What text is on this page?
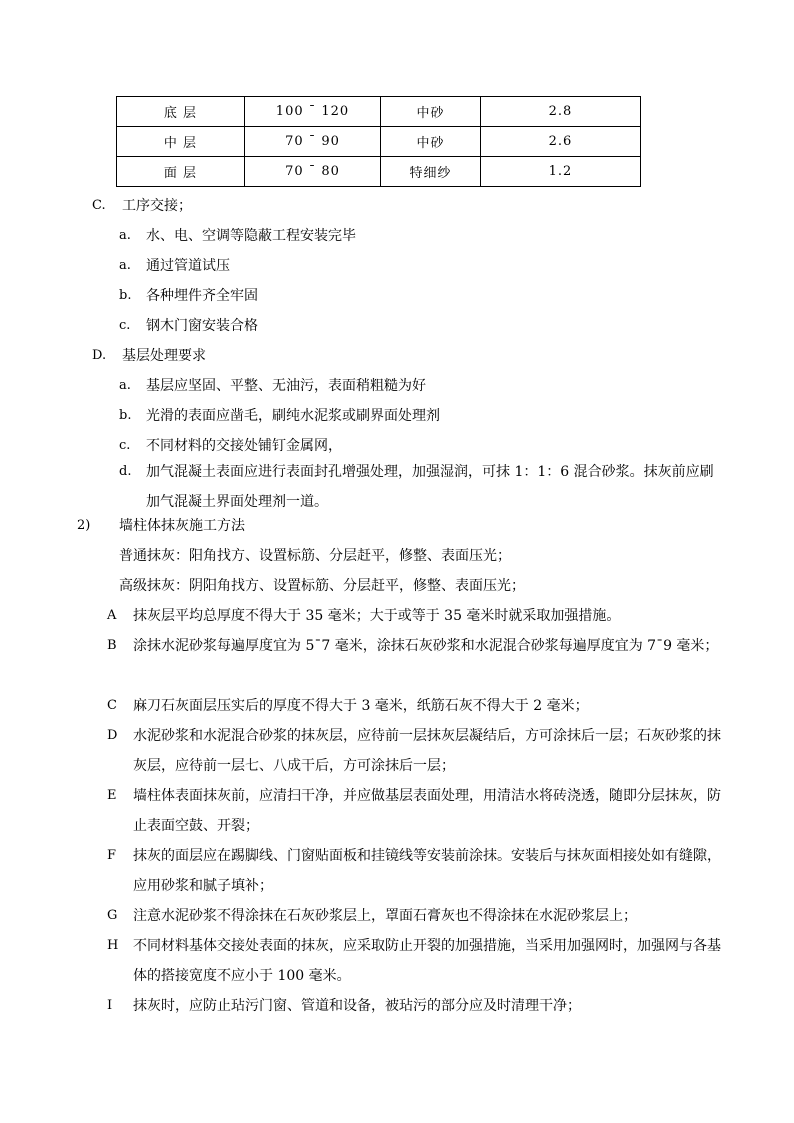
底 层	100 ¯ 120	中砂	2.8
中 层	70 ¯ 90	中砂	2.6
面 层	70 ¯ 80	特细纱	1.2
C. 工序交接；
a. 水、电、空调等隐蔽工程安装完毕
a. 通过管道试压
b. 各种埋件齐全牢固
c. 钢木门窗安装合格
D. 基层处理要求
a. 基层应坚固、平整、无油污，表面稍粗糙为好
b. 光滑的表面应凿毛，刷纯水泥浆或刷界面处理剂
c. 不同材料的交接处铺钉金属网，
d. 加气混凝土表面应进行表面封孔增强处理，加强湿润，可抹 1：1：6 混合砂浆。抹灰前应刷加气混凝土界面处理剂一道。
2) 墙柱体抹灰施工方法
普通抹灰：阳角找方、设置标筋、分层赶平，修整、表面压光；
高级抹灰：阴阳角找方、设置标筋、分层赶平，修整、表面压光；
A 抹灰层平均总厚度不得大于 35 毫米；大于或等于 35 毫米时就采取加强措施。
B 涂抹水泥砂浆每遍厚度宜为 5¯7 毫米，涂抹石灰砂浆和水泥混合砂浆每遍厚度宜为 7¯9 毫米；
C 麻刀石灰面层压实后的厚度不得大于 3 毫米，纸筋石灰不得大于 2 毫米；
D 水泥砂浆和水泥混合砂浆的抹灰层，应待前一层抹灰层凝结后，方可涂抹后一层；石灰砂浆的抹灰层，应待前一层七、八成干后，方可涂抹后一层；
E 墙柱体表面抹灰前，应清扫干净，并应做基层表面处理，用清洁水将砖浇透，随即分层抹灰，防止表面空鼓、开裂；
F 抹灰的面层应在踢脚线、门窗贴面板和挂镜线等安装前涂抹。安装后与抹灰面相接处如有缝隙，应用砂浆和腻子填补；
G 注意水泥砂浆不得涂抹在石灰砂浆层上，罩面石膏灰也不得涂抹在水泥砂浆层上；
H 不同材料基体交接处表面的抹灰，应采取防止开裂的加强措施，当采用加强网时，加强网与各基体的搭接宽度不应小于 100 毫米。
I 抹灰时，应防止玷污门窗、管道和设备，被玷污的部分应及时清理干净；
